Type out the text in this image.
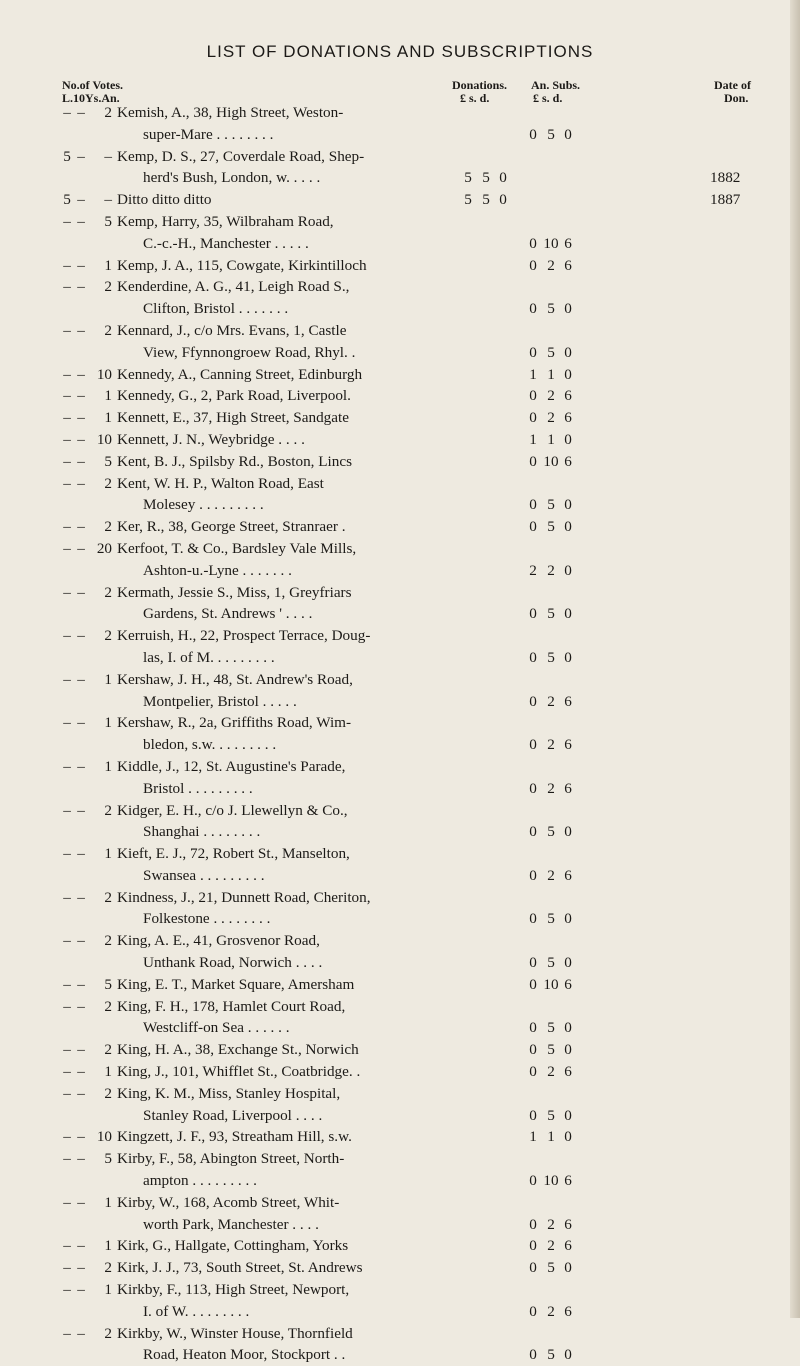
LIST OF DONATIONS AND SUBSCRIPTIONS
No.of Votes.
L.10Ys.An.
Donations.
£ s. d.
An. Subs.
£ s. d.
Date of
Don.
– –	2 Kemish, A., 38, High Street, Weston-
super-Mare . . . . . . . .	0 5 0
5 –	– Kemp, D. S., 27, Coverdale Road, Shep-
herd's Bush, London, w. . . . .	5 5 0	1882
5 –	– Ditto ditto ditto	5 5 0	1887
– –	5 Kemp, Harry, 35, Wilbraham Road,
C.-c.-H., Manchester . . . . .	0 10 6
– –	1 Kemp, J. A., 115, Cowgate, Kirkintilloch	0 2 6
– –	2 Kenderdine, A. G., 41, Leigh Road S.,
Clifton, Bristol . . . . . . .	0 5 0
– –	2 Kennard, J., c/o Mrs. Evans, 1, Castle
View, Ffynnongroew Road, Rhyl. .	0 5 0
– – 10 Kennedy, A., Canning Street, Edinburgh	1 1 0
– –	1 Kennedy, G., 2, Park Road, Liverpool.	0 2 6
– –	1 Kennett, E., 37, High Street, Sandgate	0 2 6
– – 10 Kennett, J. N., Weybridge . . . .	1 1 0
– –	5 Kent, B. J., Spilsby Rd., Boston, Lincs	0 10 6
– –	2 Kent, W. H. P., Walton Road, East
Molesey . . . . . . . . .	0 5 0
– –	2 Ker, R., 38, George Street, Stranraer .	0 5 0
– – 20 Kerfoot, T. & Co., Bardsley Vale Mills,
Ashton-u.-Lyne . . . . . . .	2 2 0
– –	2 Kermath, Jessie S., Miss, 1, Greyfriars
Gardens, St. Andrews ' . . . .	0 5 0
– –	2 Kerruish, H., 22, Prospect Terrace, Doug-
las, I. of M. . . . . . . . .	0 5 0
– –	1 Kershaw, J. H., 48, St. Andrew's Road,
Montpelier, Bristol . . . . .	0 2 6
– –	1 Kershaw, R., 2a, Griffiths Road, Wim-
bledon, s.w. . . . . . . . .	0 2 6
– –	1 Kiddle, J., 12, St. Augustine's Parade,
Bristol . . . . . . . . .	0 2 6
– –	2 Kidger, E. H., c/o J. Llewellyn & Co.,
Shanghai . . . . . . . .	0 5 0
– –	1 Kieft, E. J., 72, Robert St., Manselton,
Swansea . . . . . . . . .	0 2 6
– –	2 Kindness, J., 21, Dunnett Road, Cheriton,
Folkestone . . . . . . . .	0 5 0
– –	2 King, A. E., 41, Grosvenor Road,
Unthank Road, Norwich . . . .	0 5 0
– –	5 King, E. T., Market Square, Amersham	0 10 6
– –	2 King, F. H., 178, Hamlet Court Road,
Westcliff-on Sea . . . . . .	0 5 0
– –	2 King, H. A., 38, Exchange St., Norwich	0 5 0
– –	1 King, J., 101, Whifflet St., Coatbridge. .	0 2 6
– –	2 King, K. M., Miss, Stanley Hospital,
Stanley Road, Liverpool . . . .	0 5 0
– – 10 Kingzett, J. F., 93, Streatham Hill, s.w.	1 1 0
– –	5 Kirby, F., 58, Abington Street, North-
ampton . . . . . . . . .	0 10 6
– –	1 Kirby, W., 168, Acomb Street, Whit-
worth Park, Manchester . . . .	0 2 6
– –	1 Kirk, G., Hallgate, Cottingham, Yorks	0 2 6
– –	2 Kirk, J. J., 73, South Street, St. Andrews	0 5 0
– –	1 Kirkby, F., 113, High Street, Newport,
I. of W. . . . . . . . .	0 2 6
– –	2 Kirkby, W., Winster House, Thornfield
Road, Heaton Moor, Stockport . .	0 5 0
